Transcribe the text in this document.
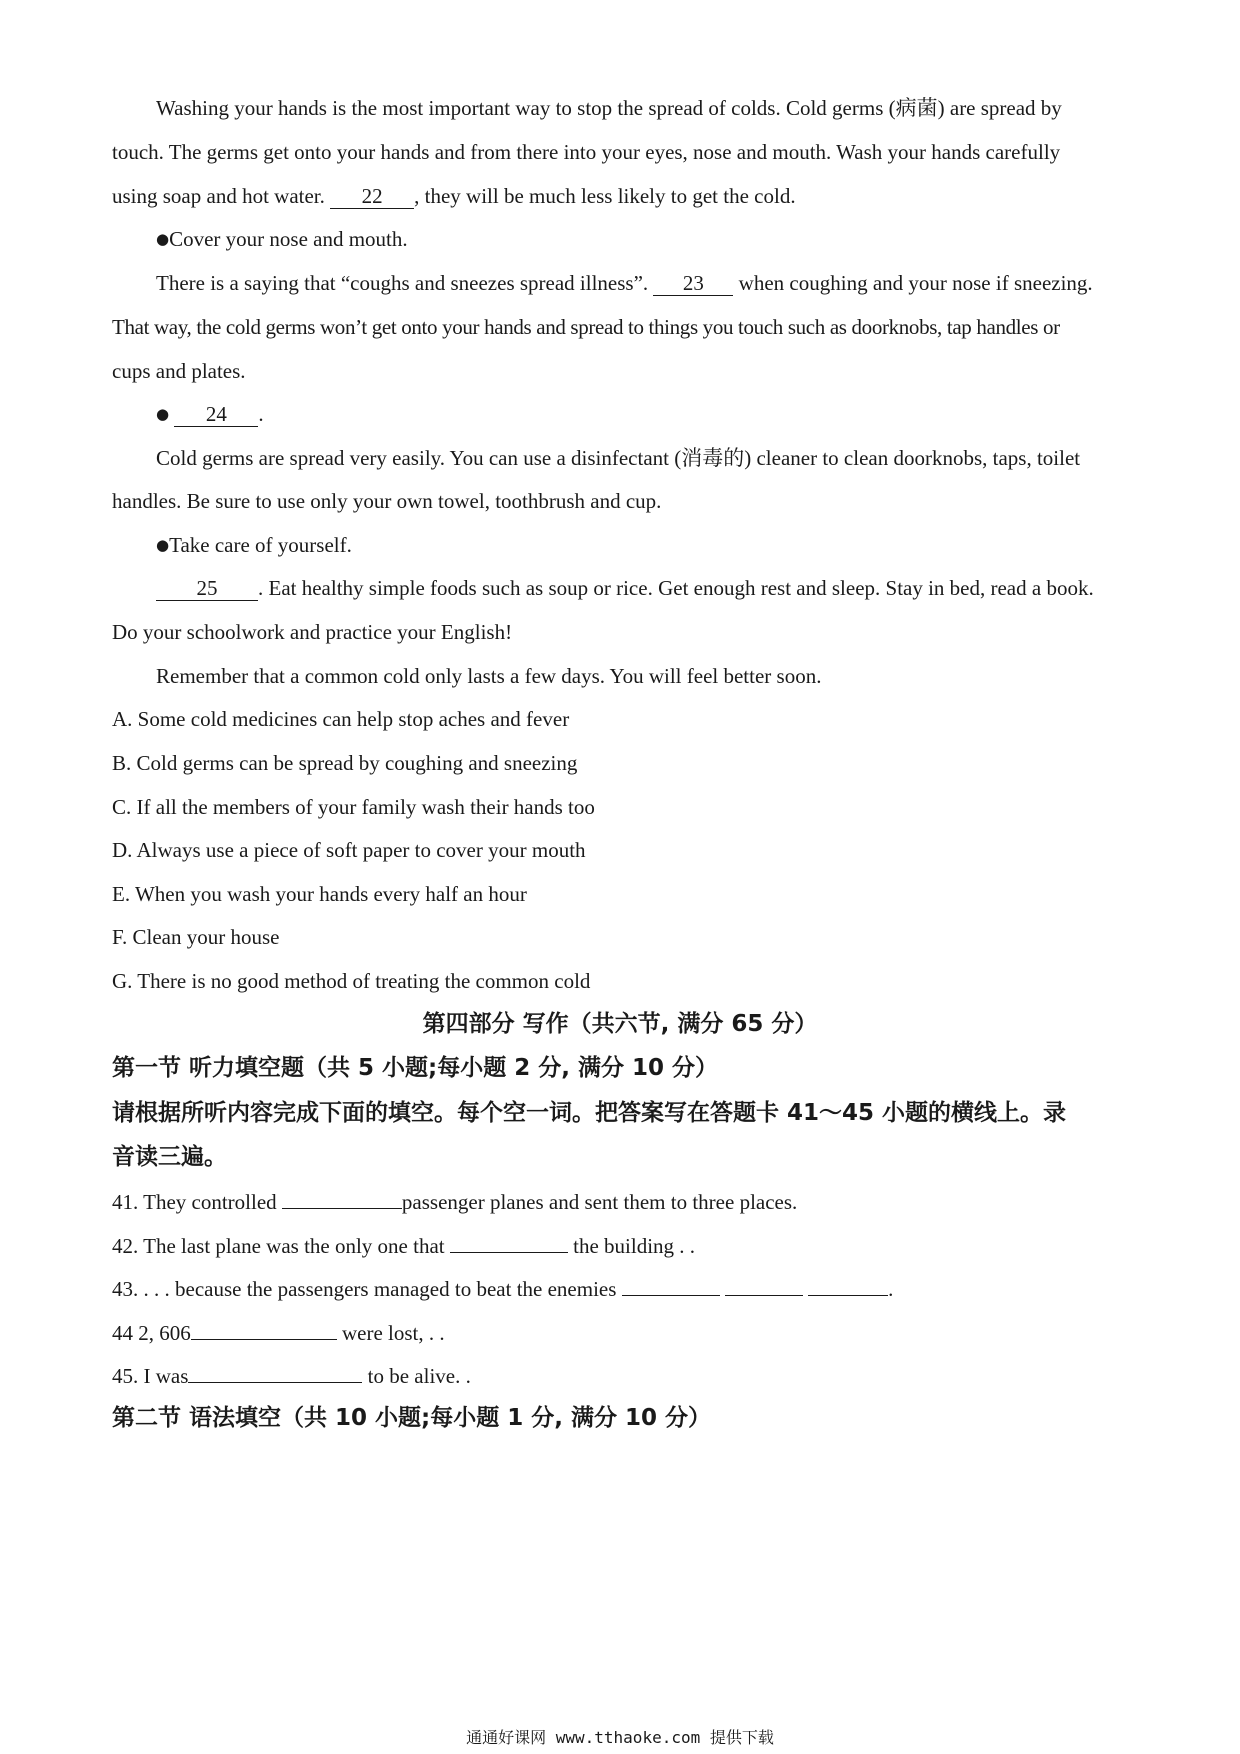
Washing your hands is the most important way to stop the spread of colds. Cold germs (病菌) are spread by
touch. The germs get onto your hands and from there into your eyes, nose and mouth. Wash your hands carefully
using soap and hot water. 22 , they will be much less likely to get the cold.
●Cover your nose and mouth.
There is a saying that “coughs and sneezes spread illness”. 23 when coughing and your nose if sneezing.
That way, the cold germs won’t get onto your hands and spread to things you touch such as doorknobs, tap handles or
cups and plates.
● 24 .
Cold germs are spread very easily. You can use a disinfectant (消毒的) cleaner to clean doorknobs, taps, toilet
handles. Be sure to use only your own towel, toothbrush and cup.
●Take care of yourself.
25 . Eat healthy simple foods such as soup or rice. Get enough rest and sleep. Stay in bed, read a book.
Do your schoolwork and practice your English!
Remember that a common cold only lasts a few days. You will feel better soon.
A. Some cold medicines can help stop aches and fever
B. Cold germs can be spread by coughing and sneezing
C. If all the members of your family wash their hands too
D. Always use a piece of soft paper to cover your mouth
E. When you wash your hands every half an hour
F. Clean your house
G. There is no good method of treating the common cold
第四部分 写作（共六节, 满分 65 分）
第一节 听力填空题（共 5 小题;每小题 2 分, 满分 10 分）
请根据所听内容完成下面的填空。每个空一词。把答案写在答题卡 41～45 小题的横线上。录
音读三遍。
41. They controlled	passenger planes and sent them to three places.
42. The last plane was the only one that	the building . .
43. . . . because the passengers managed to beat the enemies	.
44 2, 606	were lost, . .
45. I was	to be alive. .
第二节 语法填空（共 10 小题;每小题 1 分, 满分 10 分）
通通好课网 www.tthaoke.com 提供下载
